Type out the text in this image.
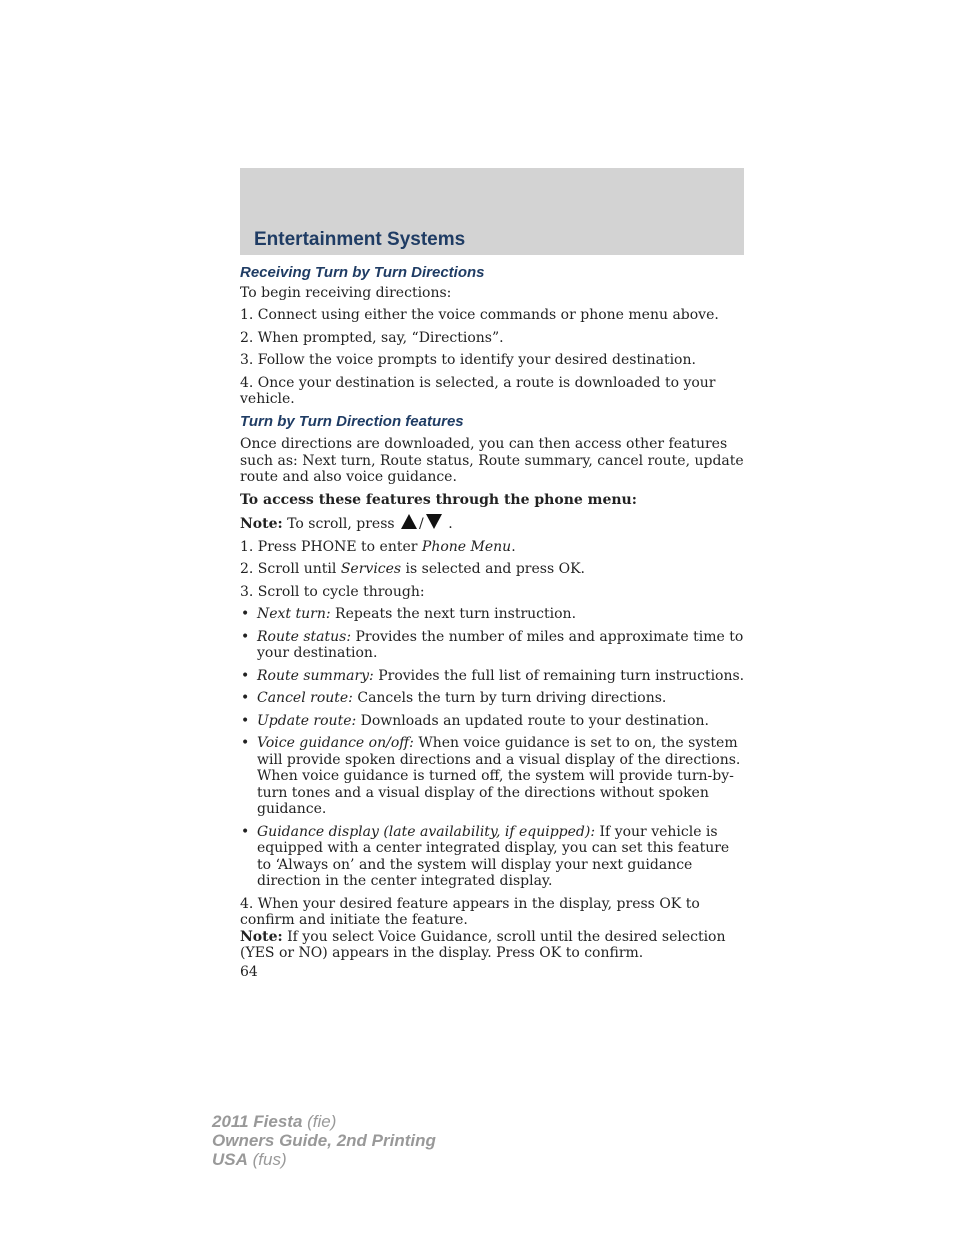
Entertainment Systems
Receiving Turn by Turn Directions
To begin receiving directions:
1. Connect using either the voice commands or phone menu above.
2. When prompted, say, “Directions”.
3. Follow the voice prompts to identify your desired destination.
4. Once your destination is selected, a route is downloaded to your vehicle.
Turn by Turn Direction features
Once directions are downloaded, you can then access other features such as: Next turn, Route status, Route summary, cancel route, update route and also voice guidance.
To access these features through the phone menu:
Note: To scroll, press / .
1. Press PHONE to enter Phone Menu.
2. Scroll until Services is selected and press OK.
3. Scroll to cycle through:
• Next turn: Repeats the next turn instruction.
• Route status: Provides the number of miles and approximate time to your destination.
• Route summary: Provides the full list of remaining turn instructions.
• Cancel route: Cancels the turn by turn driving directions.
• Update route: Downloads an updated route to your destination.
• Voice guidance on/off: When voice guidance is set to on, the system will provide spoken directions and a visual display of the directions. When voice guidance is turned off, the system will provide turn-by-turn tones and a visual display of the directions without spoken guidance.
• Guidance display (late availability, if equipped): If your vehicle is equipped with a center integrated display, you can set this feature to ‘Always on’ and the system will display your next guidance direction in the center integrated display.
4. When your desired feature appears in the display, press OK to confirm and initiate the feature.
Note: If you select Voice Guidance, scroll until the desired selection (YES or NO) appears in the display. Press OK to confirm.
64
2011 Fiesta (fie)
Owners Guide, 2nd Printing
USA (fus)
